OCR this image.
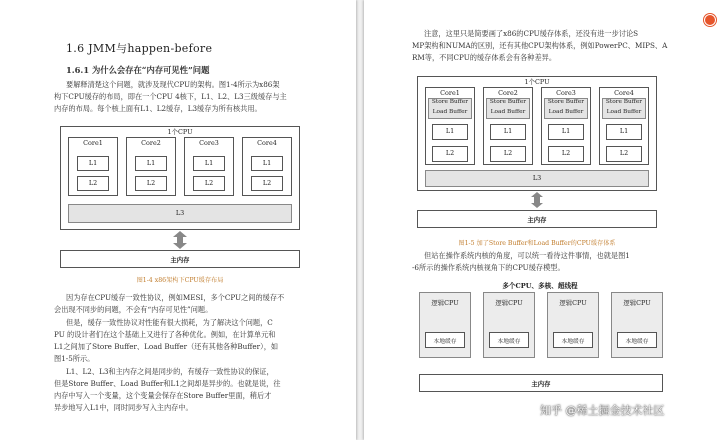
1.6 JMM与happen-before
1.6.1 为什么会存在“内存可见性”问题
要解释清楚这个问题，就涉及现代CPU的架构。图1-4所示为x86架
构下CPU缓存的布局，即在一个CPU 4核下，L1、L2、L3三级缓存与主
内存的布局。每个核上面有L1、L2缓存，L3缓存为所有核共用。
1个CPU
Core1
L1
L2
Core2
L1
L2
Core3
L1
L2
Core4
L1
L2
L3
主内存
图1-4 x86架构下CPU缓存布局
因为存在CPU缓存一致性协议，例如MESI，多个CPU之间的缓存不
会出现不同步的问题，不会有“内存可见性”问题。
但是，缓存一致性协议对性能有很大损耗，为了解决这个问题，C
PU 的设计者们在这个基础上又进行了各种优化。例如，在计算单元和
L1之间加了Store Buffer、Load Buffer（还有其他各种Buffer），如
图1-5所示。
L1、L2、L3和主内存之间是同步的，有缓存一致性协议的保证，
但是Store Buffer、Load Buffer和L1之间却是异步的。也就是说，往
内存中写入一个变量，这个变量会保存在Store Buffer里面，稍后才
异步地写入L1中，同时同步写入主内存中。
注意，这里只是简要画了x86的CPU缓存体系，还没有进一步讨论S
MP架构和NUMA的区别，还有其他CPU架构体系，例如PowerPC、MIPS、A
RM等，不同CPU的缓存体系会有各种差异。
1个CPU
Core1
Store Buffer
Load Buffer
L1
L2
Core2
Store Buffer
Load Buffer
L1
L2
Core3
Store Buffer
Load Buffer
L1
L2
Core4
Store Buffer
Load Buffer
L1
L2
L3
主内存
图1-5 加了Store Buffer和Load Buffer的CPU缓存体系
但站在操作系统内核的角度，可以统一看待这件事情，也就是图1
-6所示的操作系统内核视角下的CPU缓存模型。
多个CPU、多核、超线程
逻辑CPU
本地缓存
逻辑CPU
本地缓存
逻辑CPU
本地缓存
逻辑CPU
本地缓存
主内存
知乎 @稀土掘金技术社区
